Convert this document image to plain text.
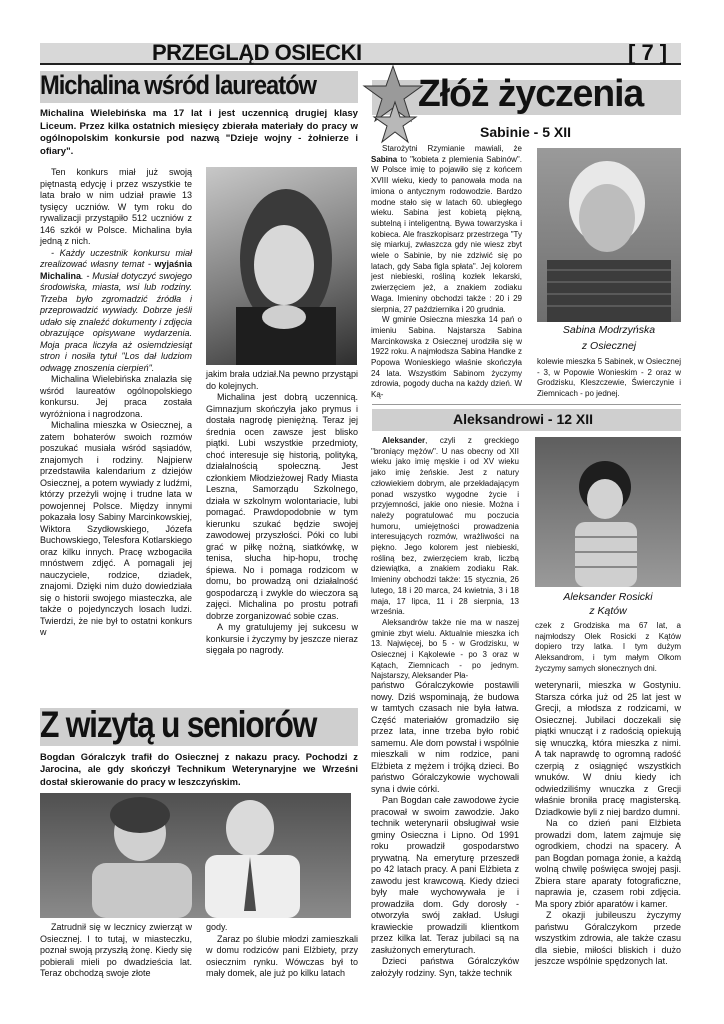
PRZEGLĄD OSIECKI	[ 7 ]
Michalina wśród laureatów
Michalina Wielebińska ma 17 lat i jest uczennicą drugiej klasy Liceum. Przez kilka ostatnich miesięcy zbierała materiały do pracy w ogólnopolskim konkursie pod nazwą "Dzieje wojny - żołnierze i ofiary".

Ten konkurs miał już swoją piętnastą edycję i przez wszystkie te lata brało w nim udział prawie 13 tysięcy uczniów. W tym roku do rywalizacji przystąpiło 512 uczniów z 146 szkół w Polsce. Michalina była jedną z nich.

- Każdy uczestnik konkursu miał zrealizować własny temat - wyjaśnia Michalina. - Musiał dotyczyć swojego środowiska, miasta, wsi lub rodziny. Trzeba było zgromadzić źródła i przeprowadzić wywiady. Dobrze jeśli udało się znaleźć dokumenty i zdjęcia obrazujące opisywane wydarzenia. Moja praca liczyła aż osiemdziesiąt stron i nosiła tytuł "Los dał ludziom odwagę znoszenia cierpień".

Michalina Wielebińska znalazła się wśród laureatów ogólnopolskiego konkursu. Jej praca została wyróżniona i nagrodzona.

Michalina mieszka w Osiecznej, a zatem bohaterów swoich rozmów poszukać musiała wśród sąsiadów, znajomych i rodziny. Najpierw przedstawiła kalendarium z dziejów Osiecznej, a potem wywiady z ludźmi, którzy przeżyli wojnę i trudne lata w powojennej Polsce. Między innymi pokazała losy Sabiny Marcinkowskiej, Wiktora Szydłowskiego, Józefa Buchowskiego, Telesfora Kotlarskiego oraz kilku innych. Pracę wzbogaciła mnóstwem zdjęć. A pomagali jej nauczyciele, rodzice, dziadek, znajomi. Dzięki nim dużo dowiedziała się o historii swojego miasteczka, ale także o pojedynczych losach ludzi. Twierdzi, że nie był to ostatni konkurs w

jakim brała udział.Na pewno przystąpi do kolejnych.

Michalina jest dobrą uczennicą. Gimnazjum skończyła jako prymus i dostała nagrodę pieniężną. Teraz jej średnia ocen zawsze jest blisko piątki. Lubi wszystkie przedmioty, choć interesuje się historią, polityką, działalnością społeczną. Jest członkiem Młodzieżowej Rady Miasta Leszna, Samorządu Szkolnego, działa w szkolnym wolontariacie, lubi pomagać. Prawdopodobnie w tym kierunku szukać będzie swojej zawodowej przyszłości. Póki co lubi grać w piłkę nożną, siatkówkę, w tenisa, słucha hip-hopu, trochę śpiewa. No i pomaga rodzicom w domu, bo prowadzą oni działalność gospodarczą i zwykle do wieczora są zajęci. Michalina po prostu potrafi dobrze zorganizować sobie czas.

A my gratulujemy jej sukcesu w konkursie i życzymy by jeszcze nieraz sięgała po nagrody.

Złóż życzenia
Sabinie - 5 XII

Starożytni Rzymianie mawiali, że Sabina to "kobieta z plemienia Sabinów". W Polsce imię to pojawiło się z końcem XVIII wieku, kiedy to panowała moda na imiona o antycznym rodowodzie. Bardzo modne stało się w latach 60. ubiegłego wieku. Sabina jest kobietą piękną, subtelną i inteligentną. Bywa towarzyska i kobieca. Ale fraszkopisarz przestrzega "Ty się miarkuj, zwłaszcza gdy nie wiesz zbyt wiele o Sabinie, by nie zdziwić się po latach, gdy Saba figla spłata". Jej kolorem jest niebieski, rośliną kozłek lekarski, zwierzęciem jeż, a znakiem zodiaku Waga. Imieniny obchodzi także : 20 i 29 sierpnia, 27 października i 20 grudnia.

W gminie Osieczna mieszka 14 pań o imieniu Sabina. Najstarsza Sabina Marcinkowska z Osiecznej urodziła się w 1922 roku. A najmłodsza Sabina Handke z Popowa Wonieskiego właśnie skończyła 24 lata. Wszystkim Sabinom życzymy zdrowia, pogody ducha na każdy dzień. W Ką-

Sabina Modrzyńska
z Osiecznej
kolewie mieszka 5 Sabinek, w Osiecznej - 3, w Popowie Wonieskim - 2 oraz w Grodzisku, Kleszczewie, Świerczynie i Ziemnicach - po jednej.
Aleksandrowi - 12 XII

Aleksander, czyli z greckiego "broniący mężów". U nas obecny od XII wieku jako imię męskie i od XV wieku jako imię żeńskie. Jest z natury człowiekiem dobrym, ale przekładającym ponad wszystko wygodne życie i przyjemności, jakie ono niesie. Można i należy pogratulować mu poczucia humoru, umiejętności prowadzenia interesujących rozmów, wrażliwości na piękno. Jego kolorem jest niebieski, rośliną bez, zwierzęciem krab, liczbą dziewiątka, a znakiem zodiaku Rak. Imieniny obchodzi także: 15 stycznia, 26 lutego, 18 i 20 marca, 24 kwietnia, 3 i 18 maja, 17 lipca, 11 i 28 sierpnia, 13 września.

Aleksandrów także nie ma w naszej gminie zbyt wielu. Aktualnie mieszka ich 13. Najwięcej, bo 5 - w Grodzisku, w Osiecznej i Kąkolewie - po 3 oraz w Kątach, Ziemnicach - po jednym. Najstarszy, Aleksander Pła-

Aleksander Rosicki
z Kątów
czek z Grodziska ma 67 lat, a najmłodszy Olek Rosicki z Kątów dopiero trzy latka. I tym dużym Aleksandrom, i tym małym Olkom życzymy samych słonecznych dni.
Z wizytą u seniorów
Bogdan Góralczyk trafił do Osiecznej z nakazu pracy. Pochodzi z Jarocina, ale gdy skończył Technikum Weterynaryjne we Wrześni dostał skierowanie do pracy w leszczyńskim.

Zatrudnił się w lecznicy zwierząt w Osiecznej. I to tutaj, w miasteczku, poznał swoją przyszłą żonę. Kiedy się pobierali mieli po dwadzieścia lat. Teraz obchodzą swoje złote

gody.

Zaraz po ślubie młodzi zamieszkali w domu rodziców pani Elżbiety, przy osiecznim rynku. Wówczas był to mały domek, ale już po kilku latach

państwo Góralczykowie postawili nowy. Dziś wspominają, że budowa w tamtych czasach nie była łatwa. Część materiałów gromadziło się przez lata, inne trzeba było robić samemu. Ale dom powstał i wspólnie mieszkali w nim rodzice, pani Elżbieta z mężem i trójką dzieci. Bo państwo Góralczykowie wychowali syna i dwie córki.

Pan Bogdan całe zawodowe życie pracował w swoim zawodzie. Jako technik weterynarii obsługiwał wsie gminy Osieczna i Lipno. Od 1991 roku prowadził gospodarstwo prywatną. Na emeryturę przeszedł po 42 latach pracy. A pani Elżbieta z zawodu jest krawcową. Kiedy dzieci były małe wychowywała je i prowadziła dom. Gdy dorosły - otworzyła swój zakład. Usługi krawieckie prowadzili klientkom przez kilka lat. Teraz jubilaci są na zasłużonych emeryturach.

Dzieci państwa Góralczyków założyły rodziny. Syn, także technik

weterynarii, mieszka w Gostyniu. Starsza córka już od 25 lat jest w Grecji, a młodsza z rodzicami, w Osiecznej. Jubilaci doczekali się piątki wnucząt i z radością opiekują się wnuczką, która mieszka z nimi. A tak naprawdę to ogromną radość czerpią z osiągnięć wszystkich wnuków. W dniu kiedy ich odwiedziliśmy wnuczka z Grecji właśnie broniła pracę magisterską. Dziadkowie byli z niej bardzo dumni.

Na co dzień pani Elżbieta prowadzi dom, latem zajmuje się ogrodkiem, chodzi na spacery. A pan Bogdan pomaga żonie, a każdą wolną chwilę poświęca swojej pasji. Zbiera stare aparaty fotograficzne, naprawia je, czasem robi zdjęcia. Ma spory zbiór aparatów i kamer.

Z okazji jubileuszu życzymy państwu Góralczykom przede wszystkim zdrowia, ale także czasu dla siebie, miłości bliskich i dużo jeszcze wspólnie spędzonych lat.
